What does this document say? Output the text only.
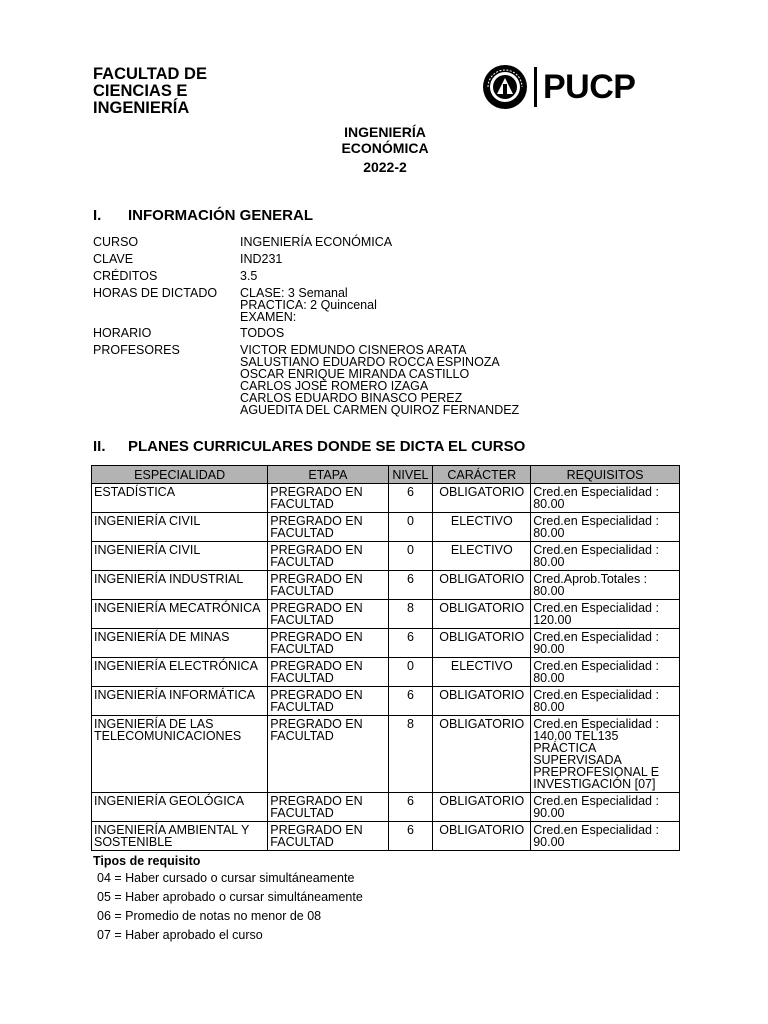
FACULTAD DE
CIENCIAS E
INGENIERÍA
PUCP
INGENIERÍA
ECONÓMICA
2022-2
I. INFORMACIÓN GENERAL
CURSO	INGENIERÍA ECONÓMICA
CLAVE	IND231
CRÉDITOS	3.5
HORAS DE DICTADO	CLASE: 3 Semanal
PRACTICA: 2 Quincenal
EXAMEN:
HORARIO	TODOS
PROFESORES	VICTOR EDMUNDO CISNEROS ARATA
SALUSTIANO EDUARDO ROCCA ESPINOZA
OSCAR ENRIQUE MIRANDA CASTILLO
CARLOS JOSE ROMERO IZAGA
CARLOS EDUARDO BINASCO PEREZ
AGUEDITA DEL CARMEN QUIROZ FERNANDEZ
II. PLANES CURRICULARES DONDE SE DICTA EL CURSO
ESPECIALIDAD	ETAPA	NIVEL	CARÁCTER	REQUISITOS
ESTADÍSTICA	PREGRADO EN FACULTAD	6	OBLIGATORIO	Cred.en Especialidad : 80.00
INGENIERÍA CIVIL	PREGRADO EN FACULTAD	0	ELECTIVO	Cred.en Especialidad : 80.00
INGENIERÍA CIVIL	PREGRADO EN FACULTAD	0	ELECTIVO	Cred.en Especialidad : 80.00
INGENIERÍA INDUSTRIAL	PREGRADO EN FACULTAD	6	OBLIGATORIO	Cred.Aprob.Totales : 80.00
INGENIERÍA MECATRÓNICA	PREGRADO EN FACULTAD	8	OBLIGATORIO	Cred.en Especialidad : 120.00
INGENIERÍA DE MINAS	PREGRADO EN FACULTAD	6	OBLIGATORIO	Cred.en Especialidad : 90.00
INGENIERÍA ELECTRÓNICA	PREGRADO EN FACULTAD	0	ELECTIVO	Cred.en Especialidad : 80.00
INGENIERÍA INFORMÁTICA	PREGRADO EN FACULTAD	6	OBLIGATORIO	Cred.en Especialidad : 80.00
INGENIERÍA DE LAS TELECOMUNICACIONES	PREGRADO EN FACULTAD	8	OBLIGATORIO	Cred.en Especialidad : 140.00 TEL135 PRÁCTICA SUPERVISADA PREPROFESIONAL E INVESTIGACIÓN [07]
INGENIERÍA GEOLÓGICA	PREGRADO EN FACULTAD	6	OBLIGATORIO	Cred.en Especialidad : 90.00
INGENIERÍA AMBIENTAL Y SOSTENIBLE	PREGRADO EN FACULTAD	6	OBLIGATORIO	Cred.en Especialidad : 90.00
Tipos de requisito
04 = Haber cursado o cursar simultáneamente
05 = Haber aprobado o cursar simultáneamente
06 = Promedio de notas no menor de 08
07 = Haber aprobado el curso
